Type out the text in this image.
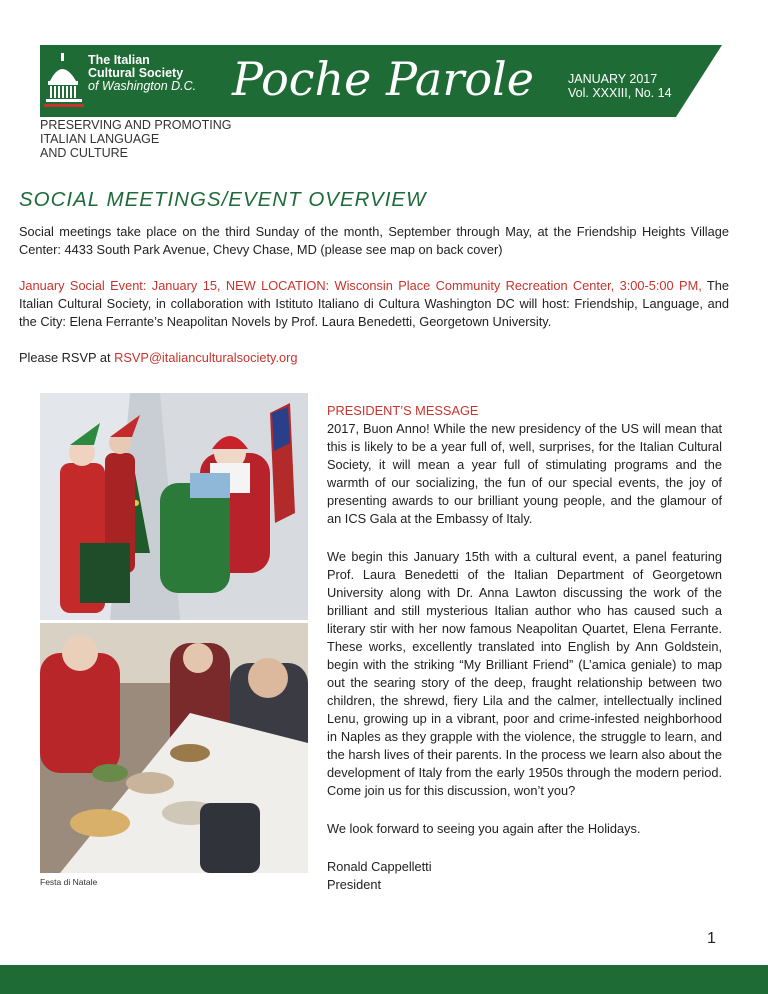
The Italian
Cultural Society
of Washington D.C. Poche Parole	JANUARY 2017
Vol. XXXIII, No. 14
PRESERVING AND PROMOTING
ITALIAN LANGUAGE
AND CULTURE
SOCIAL MEETINGS/EVENT OVERVIEW

Social meetings take place on the third Sunday of the month, September through May, at the Friendship Heights Village Center: 4433 South Park Avenue, Chevy Chase, MD (please see map on back cover)

January Social Event: January 15, NEW LOCATION: Wisconsin Place Community Recreation Center, 3:00-5:00 PM, The Italian Cultural Society, in collaboration with Istituto Italiano di Cultura Washington DC will host: Friendship, Language, and the City: Elena Ferrante’s Neapolitan Novels by Prof. Laura Benedetti, Georgetown University.

Please RSVP at RSVP@italianculturalsociety.org

Festa di Natale

PRESIDENT’S MESSAGE
2017, Buon Anno! While the new presidency of the US will mean that this is likely to be a year full of, well, surprises, for the Italian Cultural Society, it will mean a year full of stimulating programs and the warmth of our socializing, the fun of our special events, the joy of presenting awards to our brilliant young people, and the glamour of an ICS Gala at the Embassy of Italy.

We begin this January 15th with a cultural event, a panel featuring Prof. Laura Benedetti of the Italian Department of Georgetown University along with Dr. Anna Lawton discussing the work of the brilliant and still mysterious Italian author who has caused such a literary stir with her now famous Neapolitan Quartet, Elena Ferrante. These works, excellently translated into English by Ann Goldstein, begin with the striking “My Brilliant Friend” (L’amica geniale) to map out the searing story of the deep, fraught relationship between two children, the shrewd, fiery Lila and the calmer, intellectually inclined Lenu, growing up in a vibrant, poor and crime-infested neighborhood in Naples as they grapple with the violence, the struggle to learn, and the harsh lives of their parents. In the process we learn also about the development of Italy from the early 1950s through the modern period. Come join us for this discussion, won’t you?

We look forward to seeing you again after the Holidays.

Ronald Cappelletti
President

1
